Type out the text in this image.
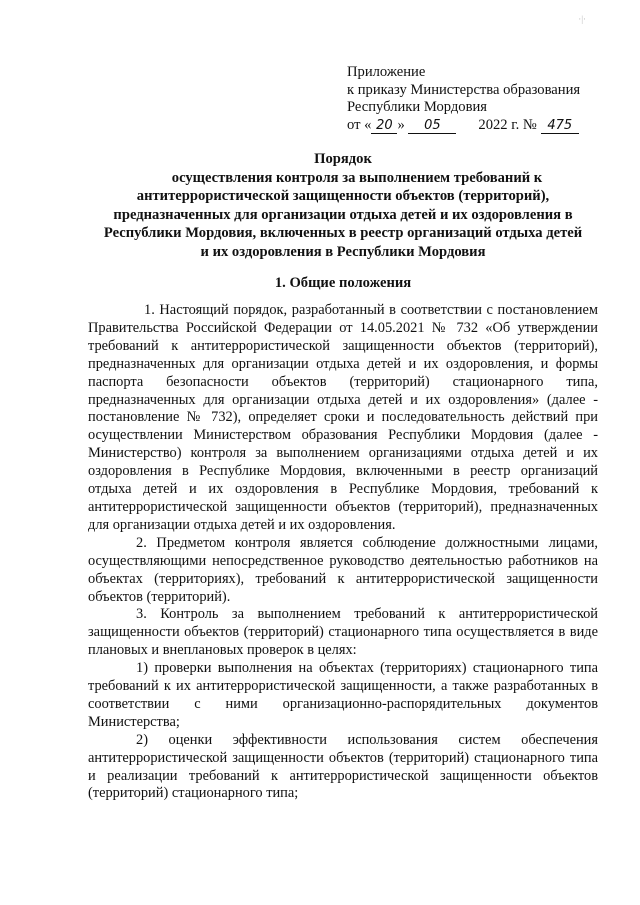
·|·
Приложение
к приказу Министерства образования
Республики Мордовия
от « 20 » 05	2022 г. № 475
Порядок
осуществления контроля за выполнением требований к
антитеррористической защищенности объектов (территорий),
предназначенных для организации отдыха детей и их оздоровления в
Республики Мордовия, включенных в реестр организаций отдыха детей
и их оздоровления в Республики Мордовия
1. Общие положения

1. Настоящий порядок, разработанный в соответствии с постановлением Правительства Российской Федерации от 14.05.2021 № 732 «Об утверждении требований к антитеррористической защищенности объектов (территорий), предназначенных для организации отдыха детей и их оздоровления, и формы паспорта безопасности объектов (территорий) стационарного типа, предназначенных для организации отдыха детей и их оздоровления» (далее - постановление № 732), определяет сроки и последовательность действий при осуществлении Министерством образования Республики Мордовия (далее - Министерство) контроля за выполнением организациями отдыха детей и их оздоровления в Республике Мордовия, включенными в реестр организаций отдыха детей и их оздоровления в Республике Мордовия, требований к антитеррористической защищенности объектов (территорий), предназначенных для организации отдыха детей и их оздоровления.

2. Предметом контроля является соблюдение должностными лицами, осуществляющими непосредственное руководство деятельностью работников на объектах (территориях), требований к антитеррористической защищенности объектов (территорий).

3. Контроль за выполнением требований к антитеррористической защищенности объектов (территорий) стационарного типа осуществляется в виде плановых и внеплановых проверок в целях:

1) проверки выполнения на объектах (территориях) стационарного типа требований к их антитеррористической защищенности, а также разработанных в соответствии с ними организационно-распорядительных документов Министерства;

2) оценки эффективности использования систем обеспечения антитеррористической защищенности объектов (территорий) стационарного типа и реализации требований к антитеррористической защищенности объектов (территорий) стационарного типа;
